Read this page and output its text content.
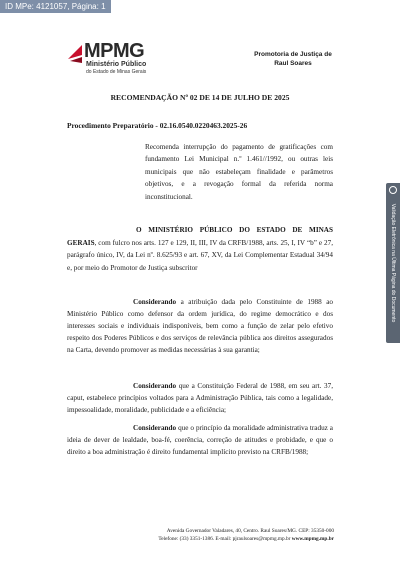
ID MPe: 4121057, Página: 1
MPMG
Ministério Público
do Estado de Minas Gerais
Promotoria de Justiça de
Raul Soares
RECOMENDAÇÃO Nº 02 DE 14 DE JULHO DE 2025
Procedimento Preparatório - 02.16.0540.0220463.2025-26
Recomenda interrupção do pagamento de gratificações com fundamento Lei Municipal n.º 1.461//1992, ou outras leis municipais que não estabeleçam finalidade e parâmetros objetivos, e a revogação formal da referida norma inconstitucional.
O MINISTÉRIO PÚBLICO DO ESTADO DE MINAS GERAIS, com fulcro nos arts. 127 e 129, II, III, IV da CRFB/1988, arts. 25, I, IV “b” e 27, parágrafo único, IV, da Lei nº. 8.625/93 e art. 67, XV, da Lei Complementar Estadual 34/94 e, por meio do Promotor de Justiça subscritor
Considerando a atribuição dada pelo Constituinte de 1988 ao Ministério Público como defensor da ordem jurídica, do regime democrático e dos interesses sociais e individuais indisponíveis, bem como a função de zelar pelo efetivo respeito dos Poderes Públicos e dos serviços de relevância pública aos direitos assegurados na Carta, devendo promover as medidas necessárias à sua garantia;
Considerando que a Constituição Federal de 1988, em seu art. 37, caput, estabelece princípios voltados para a Administração Pública, tais como a legalidade, impessoalidade, moralidade, publicidade e a eficiência;
Considerando que o princípio da moralidade administrativa traduz a ideia de dever de lealdade, boa-fé, coerência, correção de atitudes e probidade, e que o direito a boa administração é direito fundamental implícito previsto na CRFB/1988;
Validação Eletrônica na Última Página do Documento
Avenida Governador Valadares, 40, Centro. Raul Soares/MG. CEP: 35350-000
Telefone: (33) 3351-1386. E-mail: pjraulsoares@mpmg.mp.br www.mpmg.mp.br
